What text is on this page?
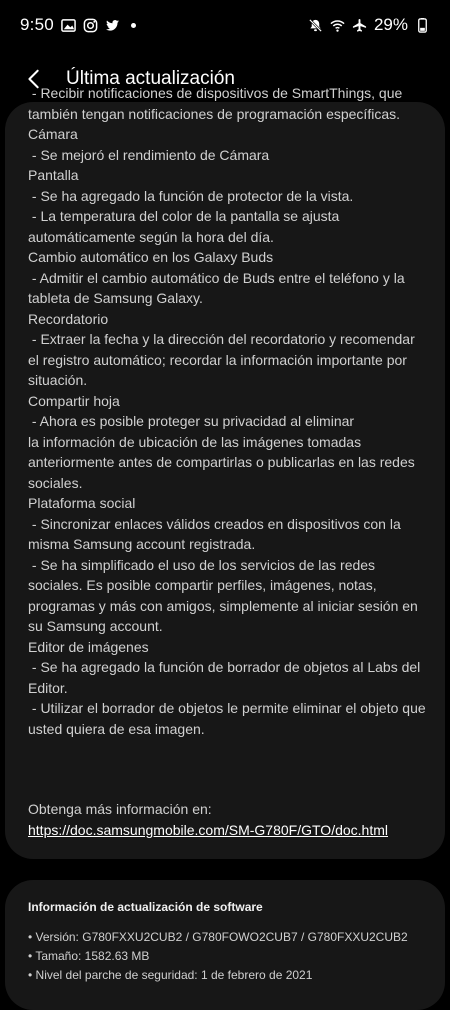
9:50	29%
Última actualización

- Recibir notificaciones de dispositivos de SmartThings, que también tengan notificaciones de programación específicas.

Cámara

- Se mejoró el rendimiento de Cámara

Pantalla

- Se ha agregado la función de protector de la vista.

- La temperatura del color de la pantalla se ajusta automáticamente según la hora del día.

Cambio automático en los Galaxy Buds

- Admitir el cambio automático de Buds entre el teléfono y la tableta de Samsung Galaxy.

Recordatorio

- Extraer la fecha y la dirección del recordatorio y recomendar el registro automático; recordar la información importante por situación.

Compartir hoja

- Ahora es posible proteger su privacidad al eliminar

la información de ubicación de las imágenes tomadas anteriormente antes de compartirlas o publicarlas en las redes sociales.

Plataforma social

- Sincronizar enlaces válidos creados en dispositivos con la misma Samsung account registrada.

- Se ha simplificado el uso de los servicios de las redes sociales. Es posible compartir perfiles, imágenes, notas, programas y más con amigos, simplemente al iniciar sesión en su Samsung account.

Editor de imágenes

- Se ha agregado la función de borrador de objetos al Labs del Editor.

- Utilizar el borrador de objetos le permite eliminar el objeto que usted quiera de esa imagen.

Obtenga más información en:

https://doc.samsungmobile.com/SM-G780F/GTO/doc.html

Información de actualización de software
• Versión: G780FXXU2CUB2 / G780FOWO2CUB7 / G780FXXU2CUB2
• Tamaño: 1582.63 MB
• Nivel del parche de seguridad: 1 de febrero de 2021
